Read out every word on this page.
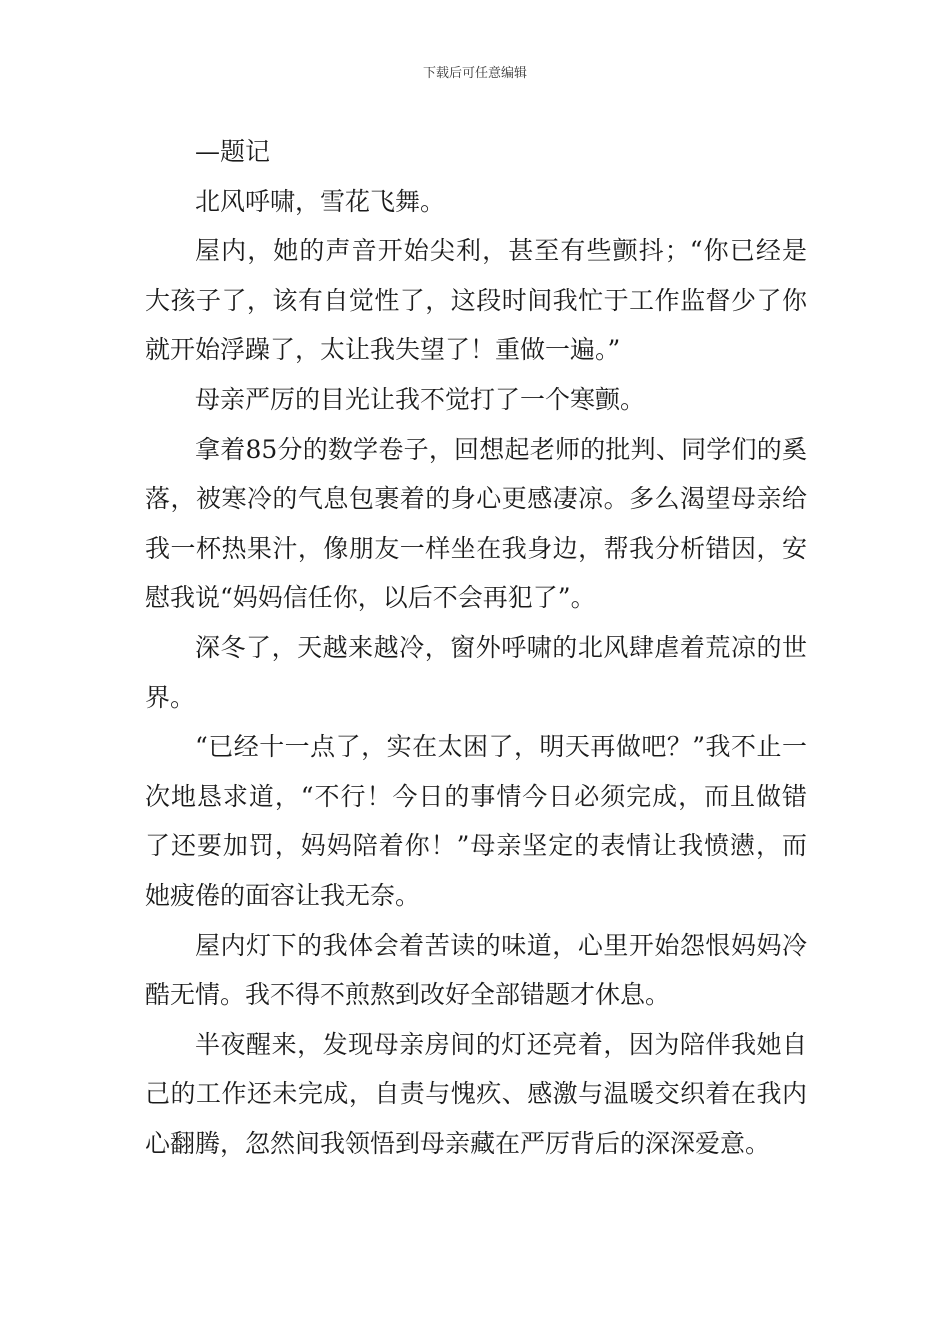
下载后可任意编辑

—题记

北风呼啸，雪花飞舞。

屋内，她的声音开始尖利，甚至有些颤抖；“你已经是大孩子了，该有自觉性了，这段时间我忙于工作监督少了你就开始浮躁了，太让我失望了！重做一遍。”

母亲严厉的目光让我不觉打了一个寒颤。

拿着85分的数学卷子，回想起老师的批判、同学们的奚落，被寒冷的气息包裹着的身心更感凄凉。多么渴望母亲给我一杯热果汁，像朋友一样坐在我身边，帮我分析错因，安慰我说“妈妈信任你，以后不会再犯了”。

深冬了，天越来越冷，窗外呼啸的北风肆虐着荒凉的世界。

“已经十一点了，实在太困了，明天再做吧？”我不止一次地恳求道，“不行！今日的事情今日必须完成，而且做错了还要加罚，妈妈陪着你！”母亲坚定的表情让我愤懑，而她疲倦的面容让我无奈。

屋内灯下的我体会着苦读的味道，心里开始怨恨妈妈冷酷无情。我不得不煎熬到改好全部错题才休息。

半夜醒来，发现母亲房间的灯还亮着，因为陪伴我她自己的工作还未完成，自责与愧疚、感激与温暖交织着在我内心翻腾，忽然间我领悟到母亲藏在严厉背后的深深爱意。
